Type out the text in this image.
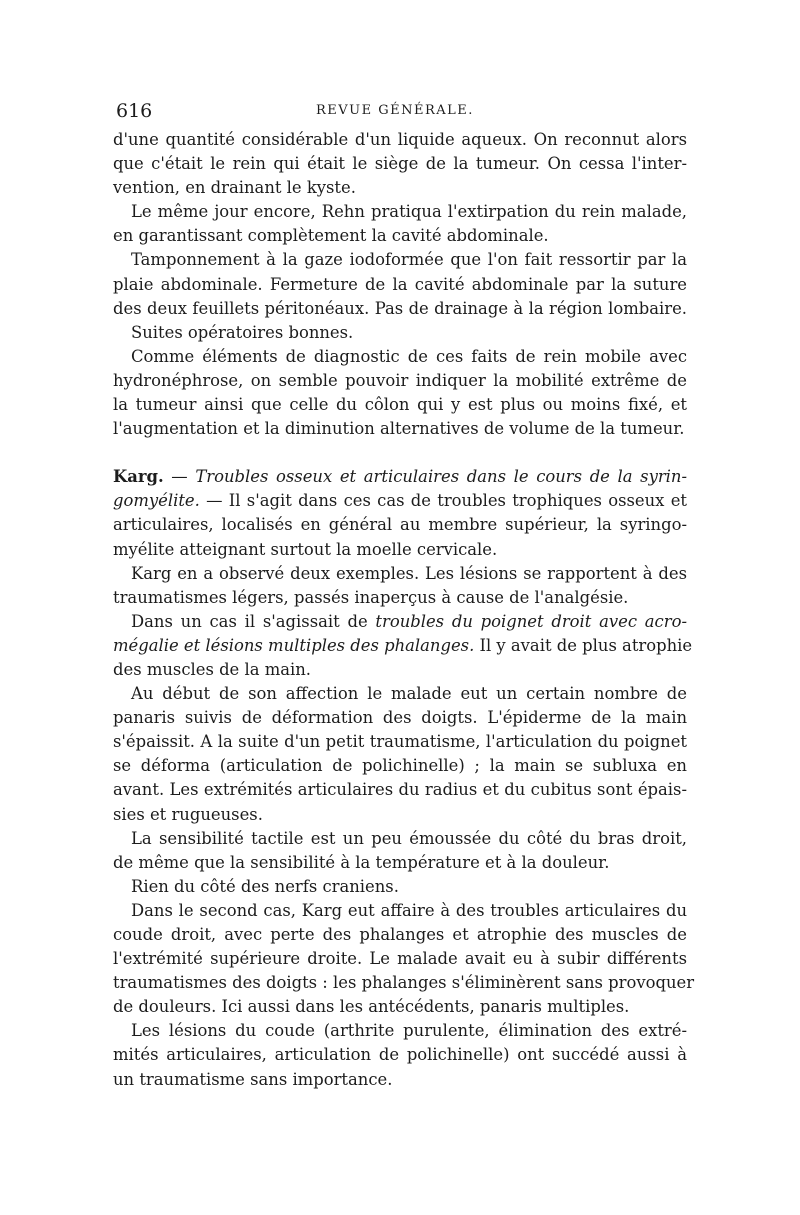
616	REVUE GÉNÉRALE.
d'une quantité considérable d'un liquide aqueux. On reconnut alors
que c'était le rein qui était le siège de la tumeur. On cessa l'inter-
vention, en drainant le kyste.
Le même jour encore, Rehn pratiqua l'extirpation du rein malade,
en garantissant complètement la cavité abdominale.
Tamponnement à la gaze iodoformée que l'on fait ressortir par la
plaie abdominale. Fermeture de la cavité abdominale par la suture
des deux feuillets péritonéaux. Pas de drainage à la région lombaire.
Suites opératoires bonnes.
Comme éléments de diagnostic de ces faits de rein mobile avec
hydronéphrose, on semble pouvoir indiquer la mobilité extrême de
la tumeur ainsi que celle du côlon qui y est plus ou moins fixé, et
l'augmentation et la diminution alternatives de volume de la tumeur.
Karg. — Troubles osseux et articulaires dans le cours de la syrin-
gomyélite. — Il s'agit dans ces cas de troubles trophiques osseux et
articulaires, localisés en général au membre supérieur, la syringo-
myélite atteignant surtout la moelle cervicale.
Karg en a observé deux exemples. Les lésions se rapportent à des
traumatismes légers, passés inaperçus à cause de l'analgésie.
Dans un cas il s'agissait de troubles du poignet droit avec acro-
mégalie et lésions multiples des phalanges. Il y avait de plus atrophie
des muscles de la main.
Au début de son affection le malade eut un certain nombre de
panaris suivis de déformation des doigts. L'épiderme de la main
s'épaissit. A la suite d'un petit traumatisme, l'articulation du poignet
se déforma (articulation de polichinelle) ; la main se subluxa en
avant. Les extrémités articulaires du radius et du cubitus sont épais-
sies et rugueuses.
La sensibilité tactile est un peu émoussée du côté du bras droit,
de même que la sensibilité à la température et à la douleur.
Rien du côté des nerfs craniens.
Dans le second cas, Karg eut affaire à des troubles articulaires du
coude droit, avec perte des phalanges et atrophie des muscles de
l'extrémité supérieure droite. Le malade avait eu à subir différents
traumatismes des doigts : les phalanges s'éliminèrent sans provoquer
de douleurs. Ici aussi dans les antécédents, panaris multiples.
Les lésions du coude (arthrite purulente, élimination des extré-
mités articulaires, articulation de polichinelle) ont succédé aussi à
un traumatisme sans importance.
